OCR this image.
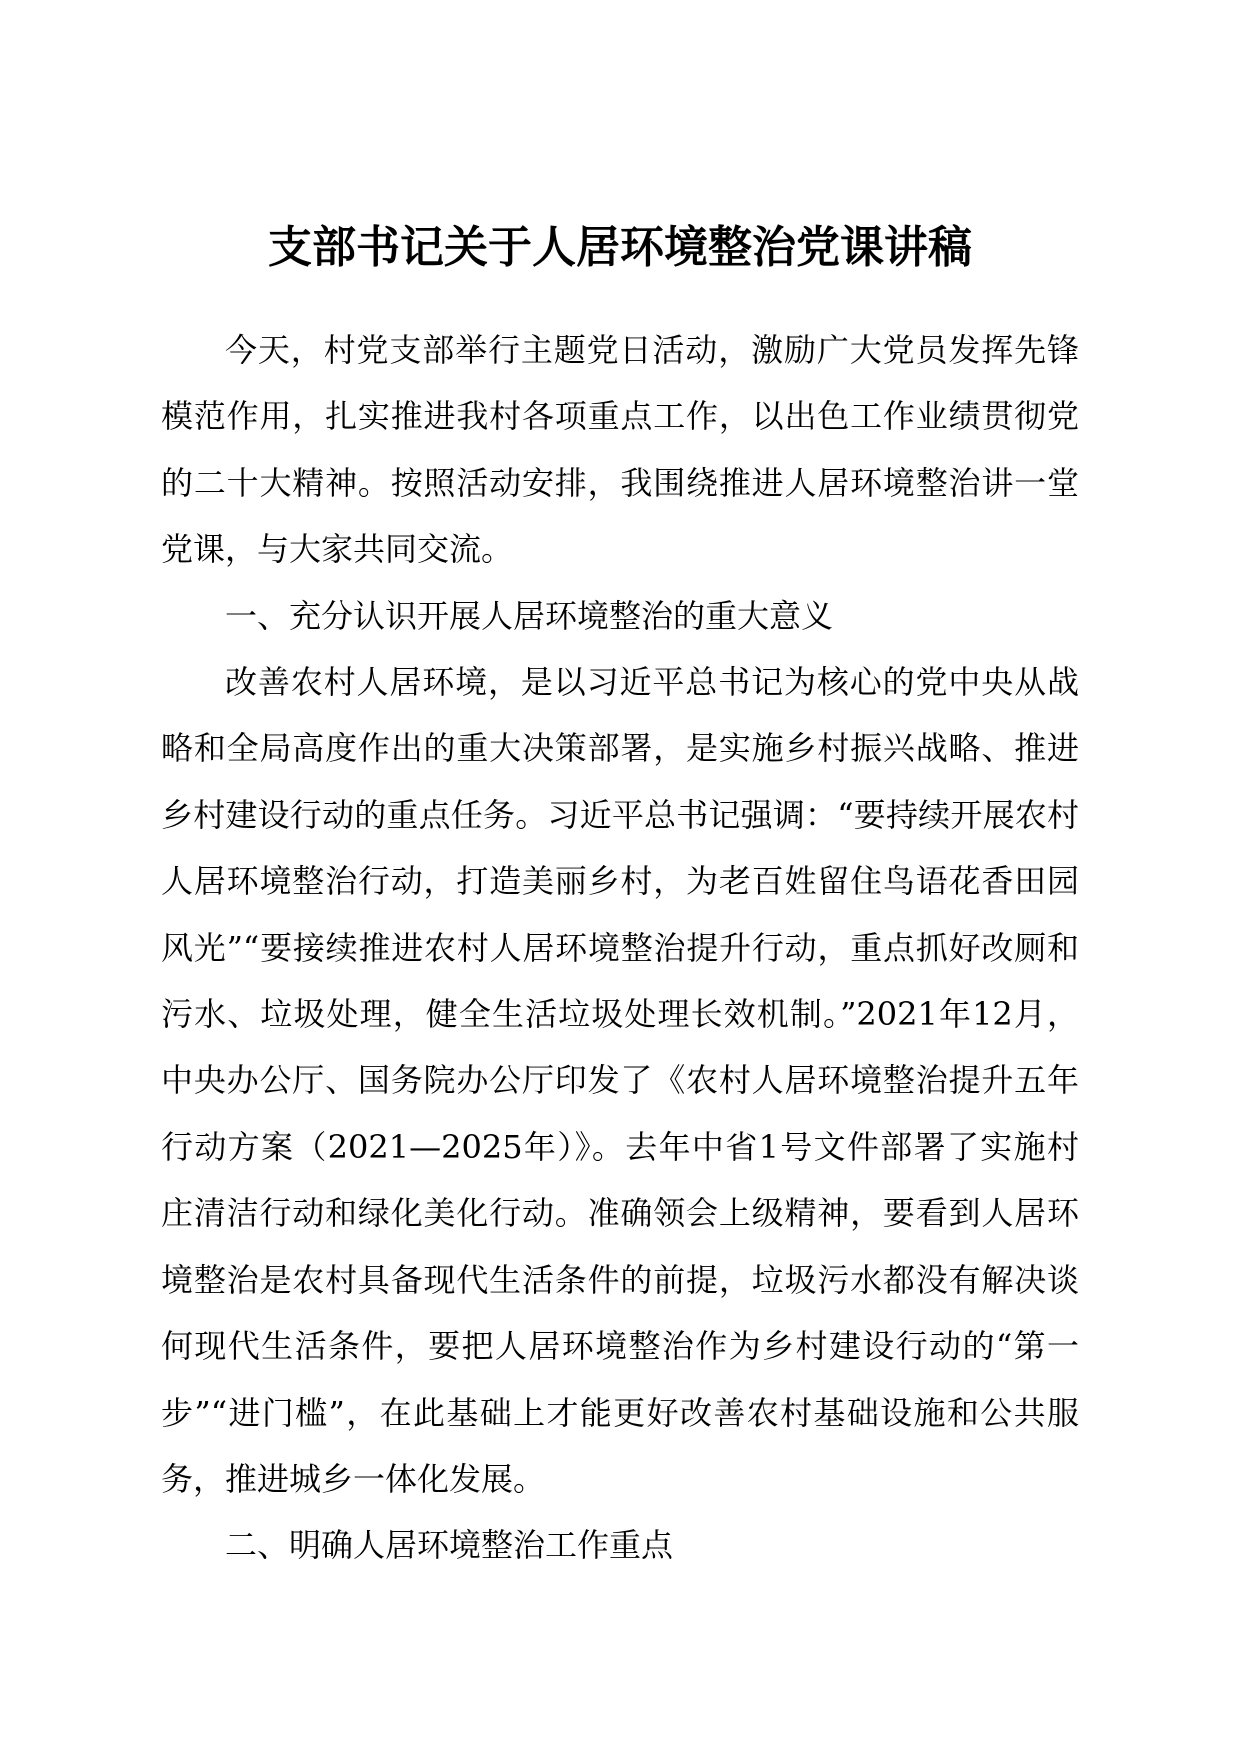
支部书记关于人居环境整治党课讲稿

今天，村党支部举行主题党日活动，激励广大党员发挥先锋模范作用，扎实推进我村各项重点工作，以出色工作业绩贯彻党的二十大精神。按照活动安排，我围绕推进人居环境整治讲一堂党课，与大家共同交流。

一、充分认识开展人居环境整治的重大意义

改善农村人居环境，是以习近平总书记为核心的党中央从战略和全局高度作出的重大决策部署，是实施乡村振兴战略、推进乡村建设行动的重点任务。习近平总书记强调：“要持续开展农村人居环境整治行动，打造美丽乡村，为老百姓留住鸟语花香田园风光”“要接续推进农村人居环境整治提升行动，重点抓好改厕和污水、垃圾处理，健全生活垃圾处理长效机制。”2021年12月，中央办公厅、国务院办公厅印发了《农村人居环境整治提升五年行动方案（2021—2025年）》。去年中省1号文件部署了实施村庄清洁行动和绿化美化行动。准确领会上级精神，要看到人居环境整治是农村具备现代生活条件的前提，垃圾污水都没有解决谈何现代生活条件，要把人居环境整治作为乡村建设行动的“第一步”“进门槛”，在此基础上才能更好改善农村基础设施和公共服务，推进城乡一体化发展。

二、明确人居环境整治工作重点
